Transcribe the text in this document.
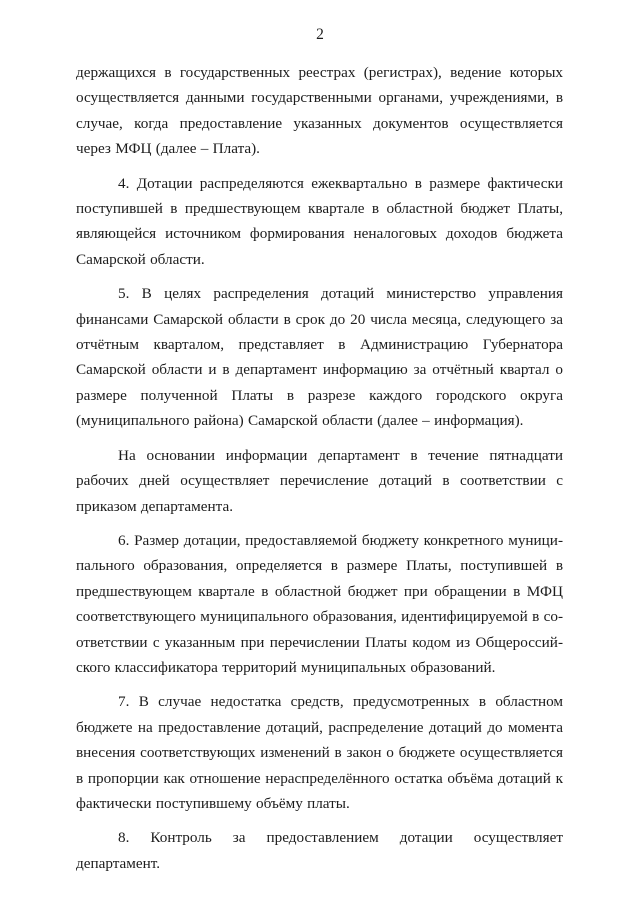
2

держащихся в государственных реестрах (регистрах), ведение которых осуществляется данными государственными органами, учреждениями, в случае, когда предоставление указанных документов осуществляется через МФЦ (далее – Плата).

4. Дотации распределяются ежеквартально в размере фактически поступившей в предшествующем квартале в областной бюджет Платы, являющейся источником формирования неналоговых доходов бюджета Самарской области.

5. В целях распределения дотаций министерство управления финансами Самарской области в срок до 20 числа месяца, следующего за отчётным кварталом, представляет в Администрацию Губернатора Самарской области и в департамент информацию за отчётный квартал о размере полученной Платы в разрезе каждого городского округа (муниципального района) Самарской области (далее – информация).

На основании информации департамент в течение пятнадцати рабочих дней осуществляет перечисление дотаций в соответствии с приказом департамента.

6. Размер дотации, предоставляемой бюджету конкретного муниципального образования, определяется в размере Платы, поступившей в предшествующем квартале в областной бюджет при обращении в МФЦ соответствующего муниципального образования, идентифицируемой в соответствии с указанным при перечислении Платы кодом из Общероссийского классификатора территорий муниципальных образований.

7. В случае недостатка средств, предусмотренных в областном бюджете на предоставление дотаций, распределение дотаций до момента внесения соответствующих изменений в закон о бюджете осуществляется в пропорции как отношение нераспределённого остатка объёма дотаций к фактически поступившему объёму платы.

8. Контроль за предоставлением дотации осуществляет департамент.
